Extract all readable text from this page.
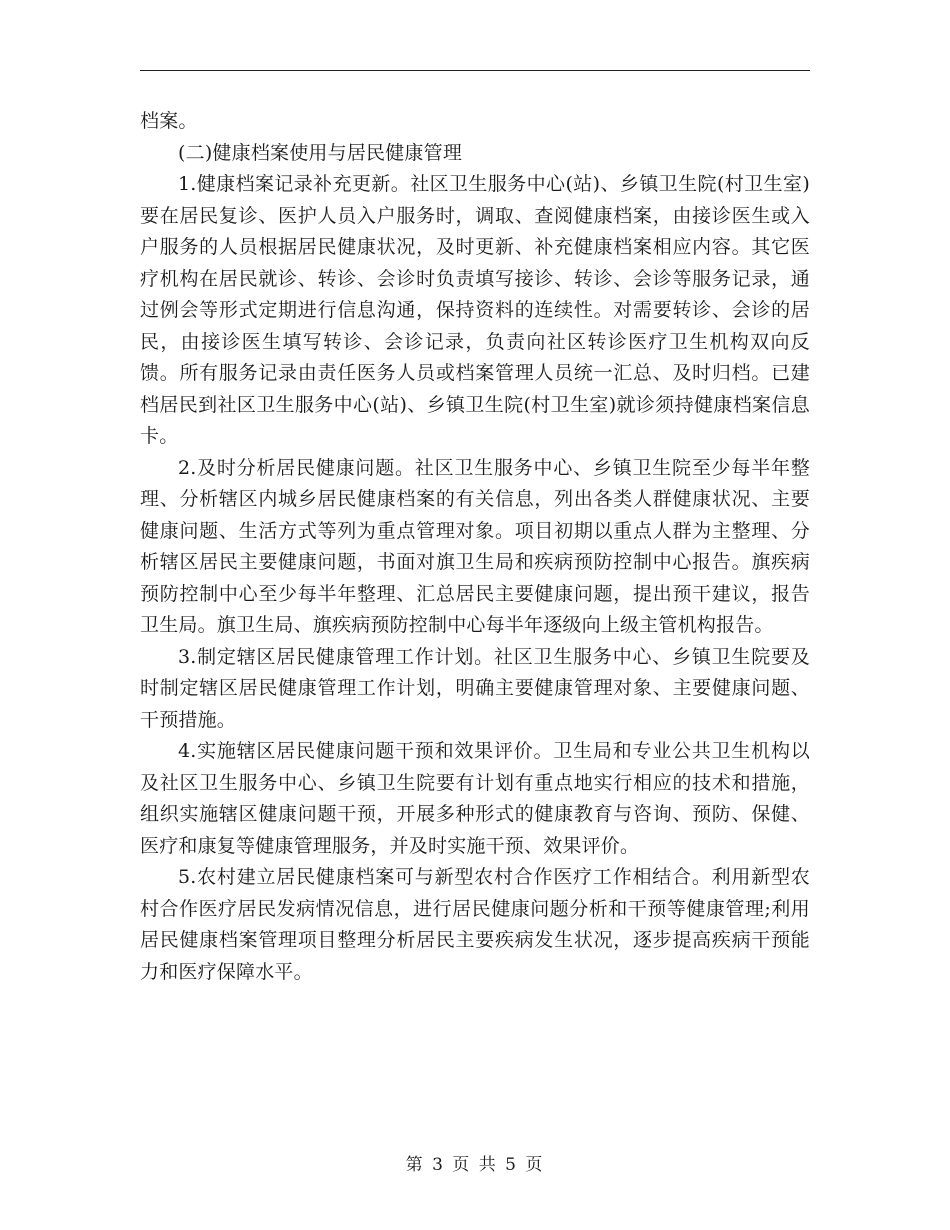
档案。

(二)健康档案使用与居民健康管理

1.健康档案记录补充更新。社区卫生服务中心(站)、乡镇卫生院(村卫生室)要在居民复诊、医护人员入户服务时，调取、查阅健康档案，由接诊医生或入户服务的人员根据居民健康状况，及时更新、补充健康档案相应内容。其它医疗机构在居民就诊、转诊、会诊时负责填写接诊、转诊、会诊等服务记录，通过例会等形式定期进行信息沟通，保持资料的连续性。对需要转诊、会诊的居民，由接诊医生填写转诊、会诊记录，负责向社区转诊医疗卫生机构双向反馈。所有服务记录由责任医务人员或档案管理人员统一汇总、及时归档。已建档居民到社区卫生服务中心(站)、乡镇卫生院(村卫生室)就诊须持健康档案信息卡。

2.及时分析居民健康问题。社区卫生服务中心、乡镇卫生院至少每半年整理、分析辖区内城乡居民健康档案的有关信息，列出各类人群健康状况、主要健康问题、生活方式等列为重点管理对象。项目初期以重点人群为主整理、分析辖区居民主要健康问题，书面对旗卫生局和疾病预防控制中心报告。旗疾病预防控制中心至少每半年整理、汇总居民主要健康问题，提出预干建议，报告卫生局。旗卫生局、旗疾病预防控制中心每半年逐级向上级主管机构报告。

3.制定辖区居民健康管理工作计划。社区卫生服务中心、乡镇卫生院要及时制定辖区居民健康管理工作计划，明确主要健康管理对象、主要健康问题、干预措施。

4.实施辖区居民健康问题干预和效果评价。卫生局和专业公共卫生机构以及社区卫生服务中心、乡镇卫生院要有计划有重点地实行相应的技术和措施，组织实施辖区健康问题干预，开展多种形式的健康教育与咨询、预防、保健、医疗和康复等健康管理服务，并及时实施干预、效果评价。

5.农村建立居民健康档案可与新型农村合作医疗工作相结合。利用新型农村合作医疗居民发病情况信息，进行居民健康问题分析和干预等健康管理;利用居民健康档案管理项目整理分析居民主要疾病发生状况，逐步提高疾病干预能力和医疗保障水平。

第 3 页 共 5 页
